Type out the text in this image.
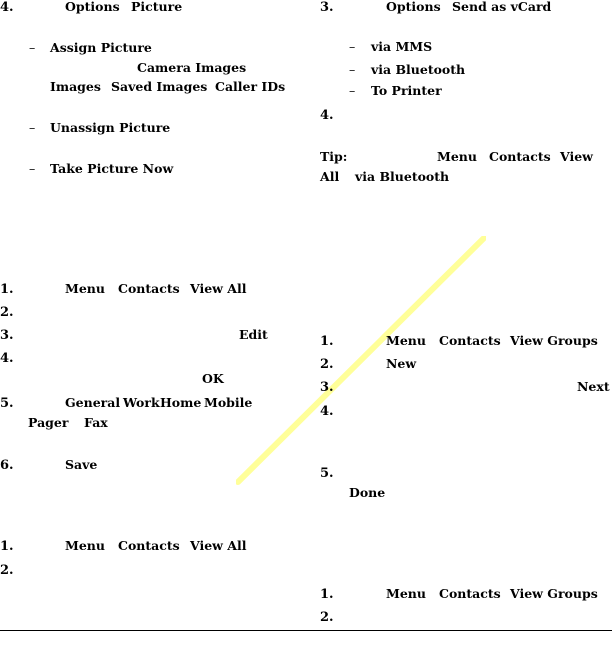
4.	Options Picture
– Assign Picture
Camera Images
Images Saved Images Caller IDs
– Unassign Picture
– Take Picture Now
1.	Menu Contacts View All
2.
3.	Edit
4.
OK
5.	General Work Home Mobile
Pager Fax
6.	Save
1.	Menu Contacts View All
2.
3.	Options Send as vCard
– via MMS
– via Bluetooth
– To Printer
4.
Tip:	Menu Contacts View
All via Bluetooth
1.	Menu Contacts View Groups
2.	New
3.	Next
4.
5.
Done
1.	Menu Contacts View Groups
2.
